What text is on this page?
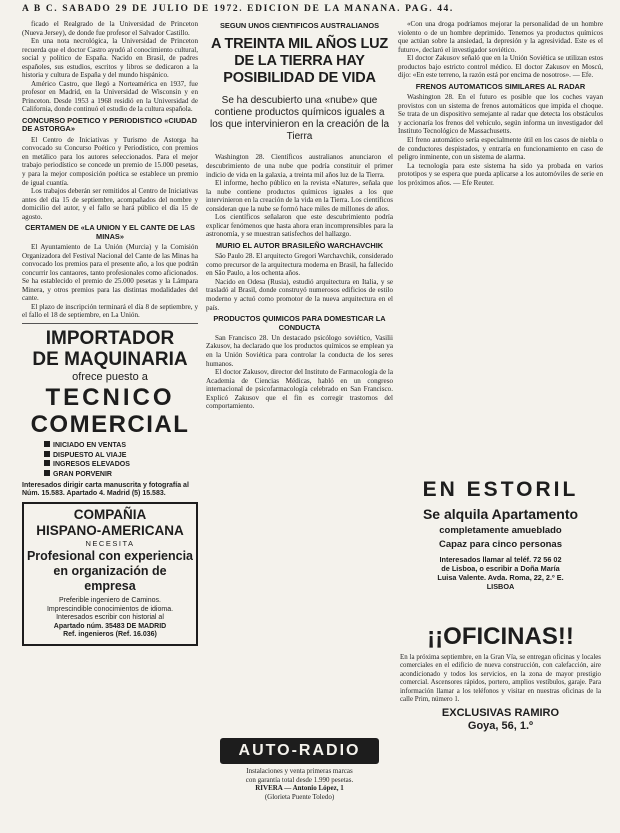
A B C. SABADO 29 DE JULIO DE 1972. EDICION DE LA MAÑANA. PAG. 44.

ficado el Realgrado de la Universidad de Princeton (Nueva Jersey), de donde fue profesor el Salvador Castillo.

En una nota necrológica, la Universidad de Princeton recuerda que el doctor Castro ayudó al conocimiento cultural, social y político de España. Nacido en Brasil, de padres españoles, sus estudios, escritos y libros se dedicaron a la historia y cultura de España y del mundo hispánico.

Américo Castro, que llegó a Norteamérica en 1937, fue profesor en Madrid, en la Universidad de Wisconsin y en Princeton. Desde 1953 a 1968 residió en la Universidad de California, donde continuó el estudio de la cultura española.

CONCURSO POETICO Y PERIODISTICO «CIUDAD DE ASTORGA»

El Centro de Iniciativas y Turismo de Astorga ha convocado su Concurso Poético y Periodístico, con premios en metálico para los autores seleccionados. Para el mejor trabajo periodístico se concede un premio de 15.000 pesetas, y para la mejor composición poética se establece un premio de igual cuantía.

Los trabajos deberán ser remitidos al Centro de Iniciativas antes del día 15 de septiembre, acompañados del nombre y domicilio del autor, y el fallo se hará público el día 15 de agosto.

CERTAMEN DE «LA UNION Y EL CANTE DE LAS MINAS»

El Ayuntamiento de La Unión (Murcia) y la Comisión Organizadora del Festival Nacional del Cante de las Minas ha convocado los premios para el presente año, a los que podrán concurrir los cantaores, tanto profesionales como aficionados. Se ha establecido el premio de 25.000 pesetas y la Lámpara Minera, y otros premios para las distintas modalidades del cante.

El plazo de inscripción terminará el día 8 de septiembre, y el fallo el 18 de septiembre, en La Unión.

IMPORTADOR
DE MAQUINARIA
ofrece puesto a
TECNICO
COMERCIAL
INICIADO EN VENTAS
DISPUESTO AL VIAJE
INGRESOS ELEVADOS
GRAN PORVENIR
Interesados dirigir carta manuscrita y fotografía al Núm. 15.583. Apartado 4. Madrid (5) 15.583.
COMPAÑIA
HISPANO-AMERICANA
NECESITA
Profesional con experiencia
en organización de empresa
Preferible ingeniero de Caminos.
Imprescindible conocimientos de idioma.
Interesados escribir con historial al
Apartado núm. 35483 DE MADRID
Ref. ingenieros (Ref. 16.036)
SEGUN UNOS CIENTIFICOS AUSTRALIANOS
A TREINTA MIL AÑOS LUZ DE LA TIERRA HAY POSIBILIDAD DE VIDA
Se ha descubierto una «nube» que contiene productos químicos iguales a los que intervinieron en la creación de la Tierra

Washington 28. Científicos australianos anunciaron el descubrimiento de una nube que podría constituir el primer indicio de vida en la galaxia, a treinta mil años luz de la Tierra.

El informe, hecho público en la revista «Nature», señala que la nube contiene productos químicos iguales a los que intervinieron en la creación de la vida en la Tierra. Los científicos consideran que la nube se formó hace miles de millones de años.

Los científicos señalaron que este descubrimiento podría explicar fenómenos que hasta ahora eran incomprensibles para la astronomía, y se muestran satisfechos del hallazgo.

MURIO EL AUTOR BRASILEÑO WARCHAVCHIK

São Paulo 28. El arquitecto Gregori Warchavchik, considerado como precursor de la arquitectura moderna en Brasil, ha fallecido en São Paulo, a los ochenta años.

Nacido en Odesa (Rusia), estudió arquitectura en Italia, y se trasladó al Brasil, donde construyó numerosos edificios de estilo moderno y actuó como promotor de la nueva arquitectura en el país.

PRODUCTOS QUIMICOS PARA DOMESTICAR LA CONDUCTA

San Francisco 28. Un destacado psicólogo soviético, Vasilii Zakusov, ha declarado que los productos químicos se emplean ya en la Unión Soviética para controlar la conducta de los seres humanos.

El doctor Zakusov, director del Instituto de Farmacología de la Academia de Ciencias Médicas, habló en un congreso internacional de psicofarmacología celebrado en San Francisco. Explicó Zakusov que el fin es corregir trastornos del comportamiento.

AUTO-RADIO
Instalaciones y venta primeras marcas
con garantía total desde 1.990 pesetas.
RIVERA — Antonio López, 1
(Glorieta Puente Toledo)

«Con una droga podríamos mejorar la personalidad de un hombre violento o de un hombre deprimido. Tenemos ya productos químicos que actúan sobre la ansiedad, la depresión y la agresividad. Este es el futuro», declaró el investigador soviético.

El doctor Zakusov señaló que en la Unión Soviética se utilizan estos productos bajo estricto control médico. El doctor Zakusov en Moscú, dijo: «En este terreno, la razón está por encima de nosotros». — Efe.

FRENOS AUTOMATICOS SIMILARES AL RADAR

Washington 28. En el futuro es posible que los coches vayan provistos con un sistema de frenos automáticos que impida el choque. Se trata de un dispositivo semejante al radar que detecta los obstáculos y accionaría los frenos del vehículo, según informa un investigador del Instituto Tecnológico de Massachusetts.

El freno automático sería especialmente útil en los casos de niebla o de conductores despistados, y entraría en funcionamiento en caso de peligro inminente, con un sistema de alarma.

La tecnología para este sistema ha sido ya probada en varios prototipos y se espera que pueda aplicarse a los automóviles de serie en los próximos años. — Efe Reuter.

EN ESTORIL
Se alquila Apartamento
completamente amueblado
Capaz para cinco personas
Interesados llamar al teléf. 72 56 02
de Lisboa, o escribir a Doña María
Luisa Valente. Avda. Roma, 22, 2.º E.
LISBOA
¡¡OFICINAS!!
En la próxima septiembre, en la Gran Vía, se entregan oficinas y locales comerciales en el edificio de nueva construcción, con calefacción, aire acondicionado y todos los servicios, en la zona de mayor prestigio comercial. Ascensores rápidos, portero, amplios vestíbulos, garaje. Para información llamar a los teléfonos y visitar en nuestras oficinas de la calle Prim, número 1.
EXCLUSIVAS RAMIRO
Goya, 56, 1.º
